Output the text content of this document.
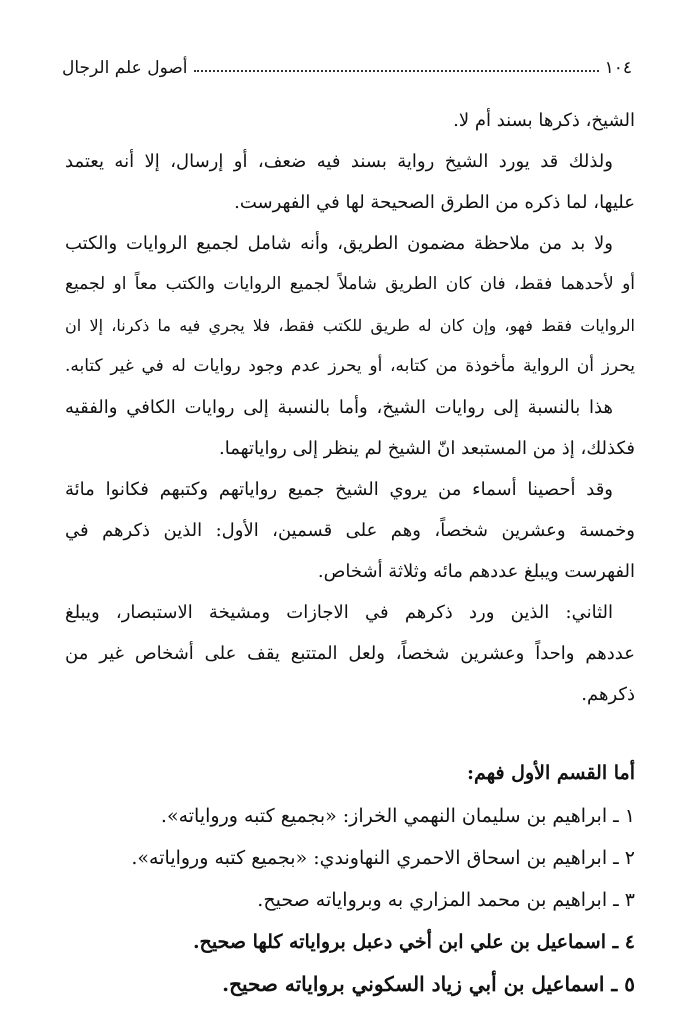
١٠٤
أصول علم الرجال
الشيخ، ذكرها بسند أم لا.
ولذلك قد يورد الشيخ رواية بسند فيه ضعف، أو إرسال، إلا أنه يعتمد
عليها، لما ذكره من الطرق الصحيحة لها في الفهرست.
ولا بد من ملاحظة مضمون الطريق، وأنه شامل لجميع الروايات والكتب
أو لأحدهما فقط، فان كان الطريق شاملاً لجميع الروايات والكتب معاً او لجميع
الروايات فقط فهو، وإن كان له طريق للكتب فقط، فلا يجري فيه ما ذكرنا، إلا ان
يحرز أن الرواية مأخوذة من كتابه، أو يحرز عدم وجود روايات له في غير كتابه.
هذا بالنسبة إلى روايات الشيخ، وأما بالنسبة إلى روايات الكافي والفقيه
فكذلك، إذ من المستبعد انّ الشيخ لم ينظر إلى رواياتهما.
وقد أحصينا أسماء من يروي الشيخ جميع رواياتهم وكتبهم فكانوا مائة
وخمسة وعشرين شخصاً، وهم على قسمين، الأول: الذين ذكرهم في
الفهرست ويبلغ عددهم مائه وثلاثة أشخاص.
الثاني: الذين ورد ذكرهم في الاجازات ومشيخة الاستبصار، ويبلغ
عددهم واحداً وعشرين شخصاً، ولعل المتتبع يقف على أشخاص غير من
ذكرهم.
أما القسم الأول فهم:
١ ـ ابراهيم بن سليمان النهمي الخراز: «بجميع كتبه ورواياته».
٢ ـ ابراهيم بن اسحاق الاحمري النهاوندي: «بجميع كتبه ورواياته».
٣ ـ ابراهيم بن محمد المزاري به وبرواياته صحيح.
٤ ـ اسماعيل بن علي ابن أخي دعبل برواياته كلها صحيح.
٥ ـ اسماعيل بن أبي زياد السكوني برواياته صحيح.
